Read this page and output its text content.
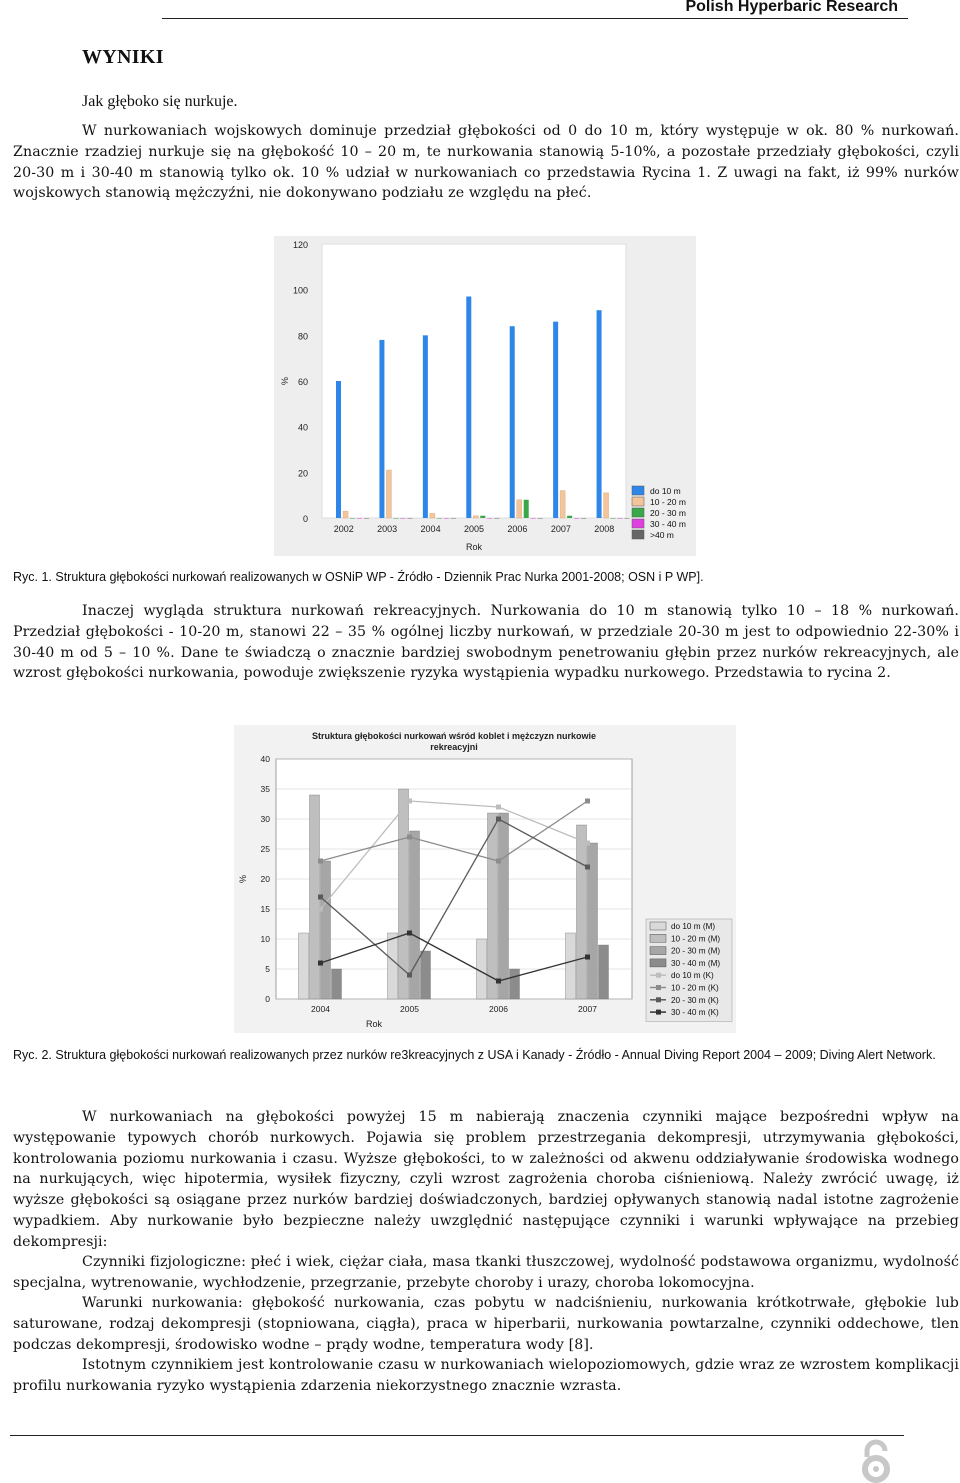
Polish Hyperbaric Research
WYNIKI
Jak głęboko się nurkuje.

W nurkowaniach wojskowych dominuje przedział głębokości od 0 do 10 m, który występuje w ok. 80 % nurkowań. Znacznie rzadziej nurkuje się na głębokość 10 – 20 m, te nurkowania stanowią 5-10%, a pozostałe przedziały głębokości, czyli 20-30 m i 30-40 m stanowią tylko ok. 10 % udział w nurkowaniach co przedstawia Rycina 1. Z uwagi na fakt, iż 99% nurków wojskowych stanowią mężczyźni, nie dokonywano podziału ze względu na płeć.

0
20
40
60
80
100
120
%
2002	2003	2004	2005	2006	2007	2008
Rok
do 10 m
10 - 20 m
20 - 30 m
30 - 40 m
>40 m
Ryc. 1. Struktura głębokości nurkowań realizowanych w OSNiP WP - Źródło - Dziennik Prac Nurka 2001-2008; OSN i P WP].

Inaczej wygląda struktura nurkowań rekreacyjnych. Nurkowania do 10 m stanowią tylko 10 – 18 % nurkowań. Przedział głębokości - 10-20 m, stanowi 22 – 35 % ogólnej liczby nurkowań, w przedziale 20-30 m jest to odpowiednio 22-30% i 30-40 m od 5 – 10 %. Dane te świadczą o znacznie bardziej swobodnym penetrowaniu głębin przez nurków rekreacyjnych, ale wzrost głębokości nurkowania, powoduje zwiększenie ryzyka wystąpienia wypadku nurkowego. Przedstawia to rycina 2.

Struktura głębokości nurkowań wśród koblet i mężczyzn nurkowie
rekreacyjni
0
5
10
15
20
25
30
35
40
%
2004	2005	2006	2007
Rok
do 10 m (M)
10 - 20 m (M)
20 - 30 m (M)
30 - 40 m (M)
do 10 m (K)
10 - 20 m (K)
20 - 30 m (K)
30 - 40 m (K)
Ryc. 2. Struktura głębokości nurkowań realizowanych przez nurków re3kreacyjnych z USA i Kanady - Źródło - Annual Diving Report 2004 – 2009; Diving Alert Network.

W nurkowaniach na głębokości powyżej 15 m nabierają znaczenia czynniki mające bezpośredni wpływ na występowanie typowych chorób nurkowych. Pojawia się problem przestrzegania dekompresji, utrzymywania głębokości, kontrolowania poziomu nurkowania i czasu. Wyższe głębokości, to w zależności od akwenu oddziaływanie środowiska wodnego na nurkujących, więc hipotermia, wysiłek fizyczny, czyli wzrost zagrożenia choroba ciśnieniową. Należy zwrócić uwagę, iż wyższe głębokości są osiągane przez nurków bardziej doświadczonych, bardziej opływanych stanowią nadal istotne zagrożenie wypadkiem. Aby nurkowanie było bezpieczne należy uwzględnić następujące czynniki i warunki wpływające na przebieg dekompresji:

Czynniki fizjologiczne: płeć i wiek, ciężar ciała, masa tkanki tłuszczowej, wydolność podstawowa organizmu, wydolność specjalna, wytrenowanie, wychłodzenie, przegrzanie, przebyte choroby i urazy, choroba lokomocyjna.

Warunki nurkowania: głębokość nurkowania, czas pobytu w nadciśnieniu, nurkowania krótkotrwałe, głębokie lub saturowane, rodzaj dekompresji (stopniowana, ciągła), praca w hiperbarii, nurkowania powtarzalne, czynniki oddechowe, tlen podczas dekompresji, środowisko wodne – prądy wodne, temperatura wody [8].

Istotnym czynnikiem jest kontrolowanie czasu w nurkowaniach wielopoziomowych, gdzie wraz ze wzrostem komplikacji profilu nurkowania ryzyko wystąpienia zdarzenia niekorzystnego znacznie wzrasta.
